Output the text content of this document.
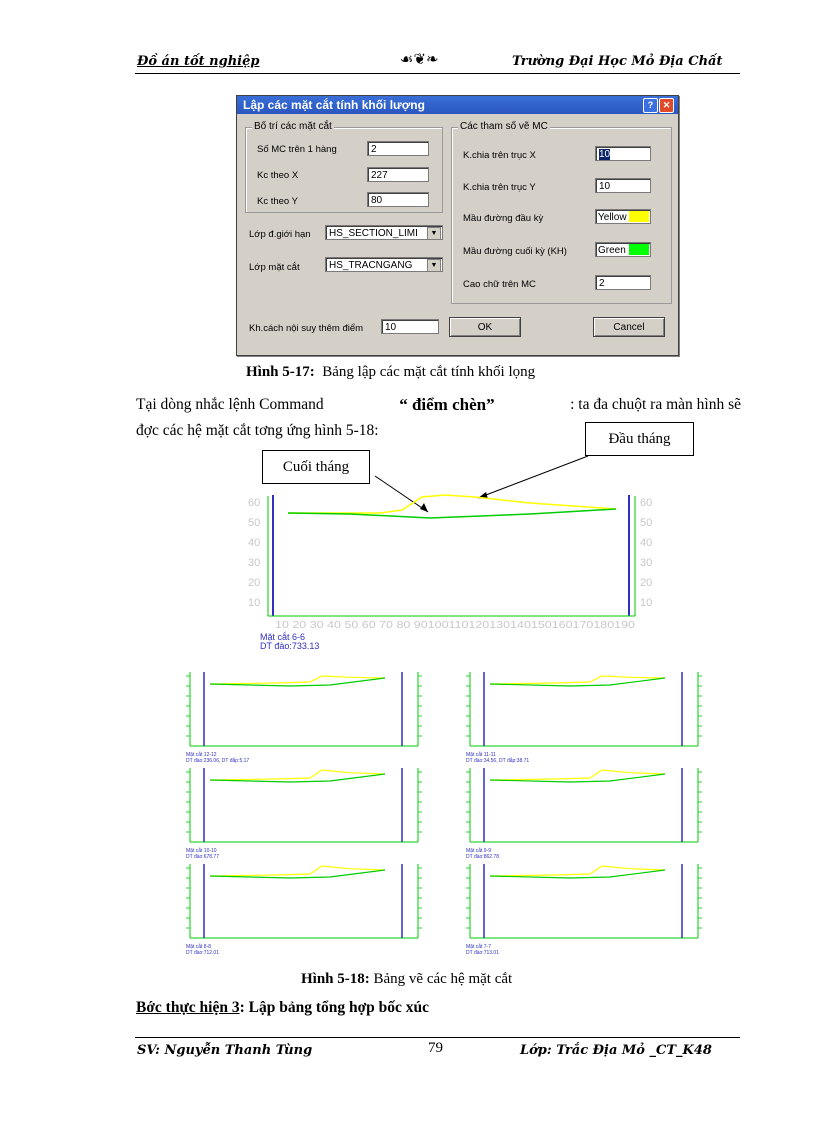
Đồ án tốt nghiệp	☙❦❧	Trường Đại Học Mỏ Địa Chất
Lập các mặt cắt tính khối lượng	?	✕
Bố trí các mặt cắt
Số MC trên 1 hàng	2
Kc theo X	227
Kc theo Y	80
Lớp đ.giới hạn	HS_SECTION_LIMI	▼
Lớp mặt cắt	HS_TRACNGANG	▼
Các tham số vẽ MC
K.chia trên trục X	10
K.chia trên trục Y	10
Mầu đường đầu kỳ	Yellow
Mầu đường cuối kỳ (KH)	Green
Cao chữ trên MC	2
Kh.cách nội suy thêm điểm	10	OK	Cancel
Hình 5-17: Bảng lập các mặt cắt tính khối lọng
Tại dòng nhắc lệnh Command	“ điểm chèn”	: ta đa chuột ra màn hình sẽ
đợc các hệ mặt cắt tơng ứng hình 5-18:
Cuối tháng
Đầu tháng
60
50
40
30
20
10
60
50
40
30
20
10
10 20 30 40 50 60 70 80 90100110120130140150160170180190
Mặt cắt 6-6
DT đào:733.13
Mặt cắt 12-12
DT đào:236.06, DT đắp:5.17
Mặt cắt 11-11
DT đào:34.56, DT đắp:38.71
Mặt cắt 10-10
DT đào:678.77
Mặt cắt 9-9
DT đào:862.78
Mặt cắt 8-8
DT đào:712.01
Mặt cắt 7-7
DT đào:713.01
Hình 5-18: Bảng vẽ các hệ mặt cắt
Bớc thực hiện 3: Lập bảng tổng hợp bốc xúc
SV: Nguyễn Thanh Tùng	79	Lớp: Trắc Địa Mỏ _CT_K48
